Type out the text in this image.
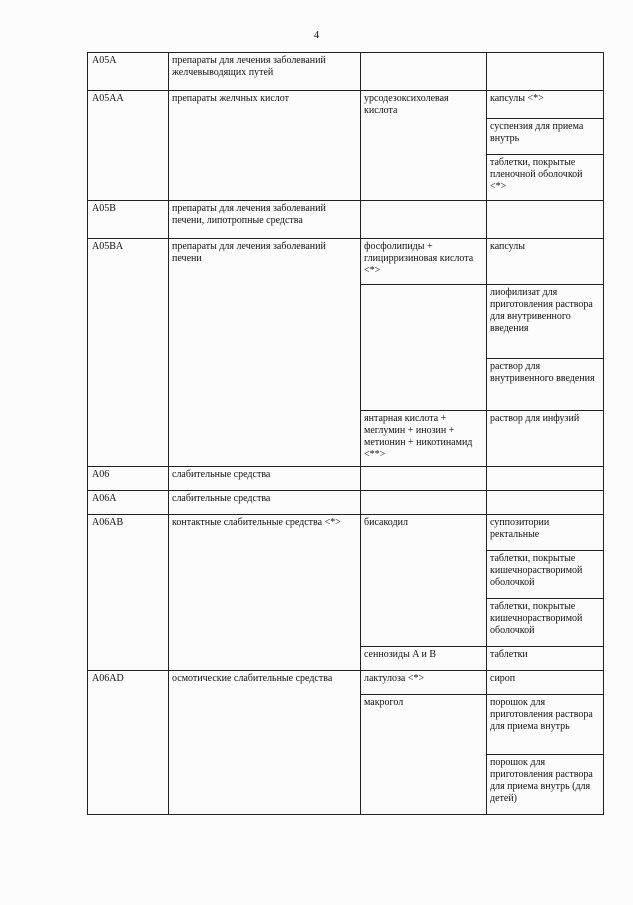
4
A05A	препараты для лечения заболеваний желчевыводящих путей		
A05AA	препараты желчных кислот	урсодезоксихолевая кислота	капсулы <*>
			суспензия для приема внутрь
			таблетки, покрытые пленочной оболочкой <*>
A05B	препараты для лечения заболеваний печени, липотропные средства		
A05BA	препараты для лечения заболеваний печени	фосфолипиды + глицирризиновая кислота <*>	капсулы
			лиофилизат для приготовления раствора для внутривенного введения
			раствор для внутривенного введения
		янтарная кислота + меглумин + инозин + метионин + никотинамид <**>	раствор для инфузий
A06	слабительные средства		
A06A	слабительные средства		
A06AB	контактные слабительные средства <*>	бисакодил	суппозитории ректальные
			таблетки, покрытые кишечнорастворимой оболочкой
			таблетки, покрытые кишечнорастворимой оболочкой
		сеннозиды A и B	таблетки
A06AD	осмотические слабительные средства	лактулоза <*>	сироп
		макрогол	порошок для приготовления раствора для приема внутрь
			порошок для приготовления раствора для приема внутрь (для детей)
